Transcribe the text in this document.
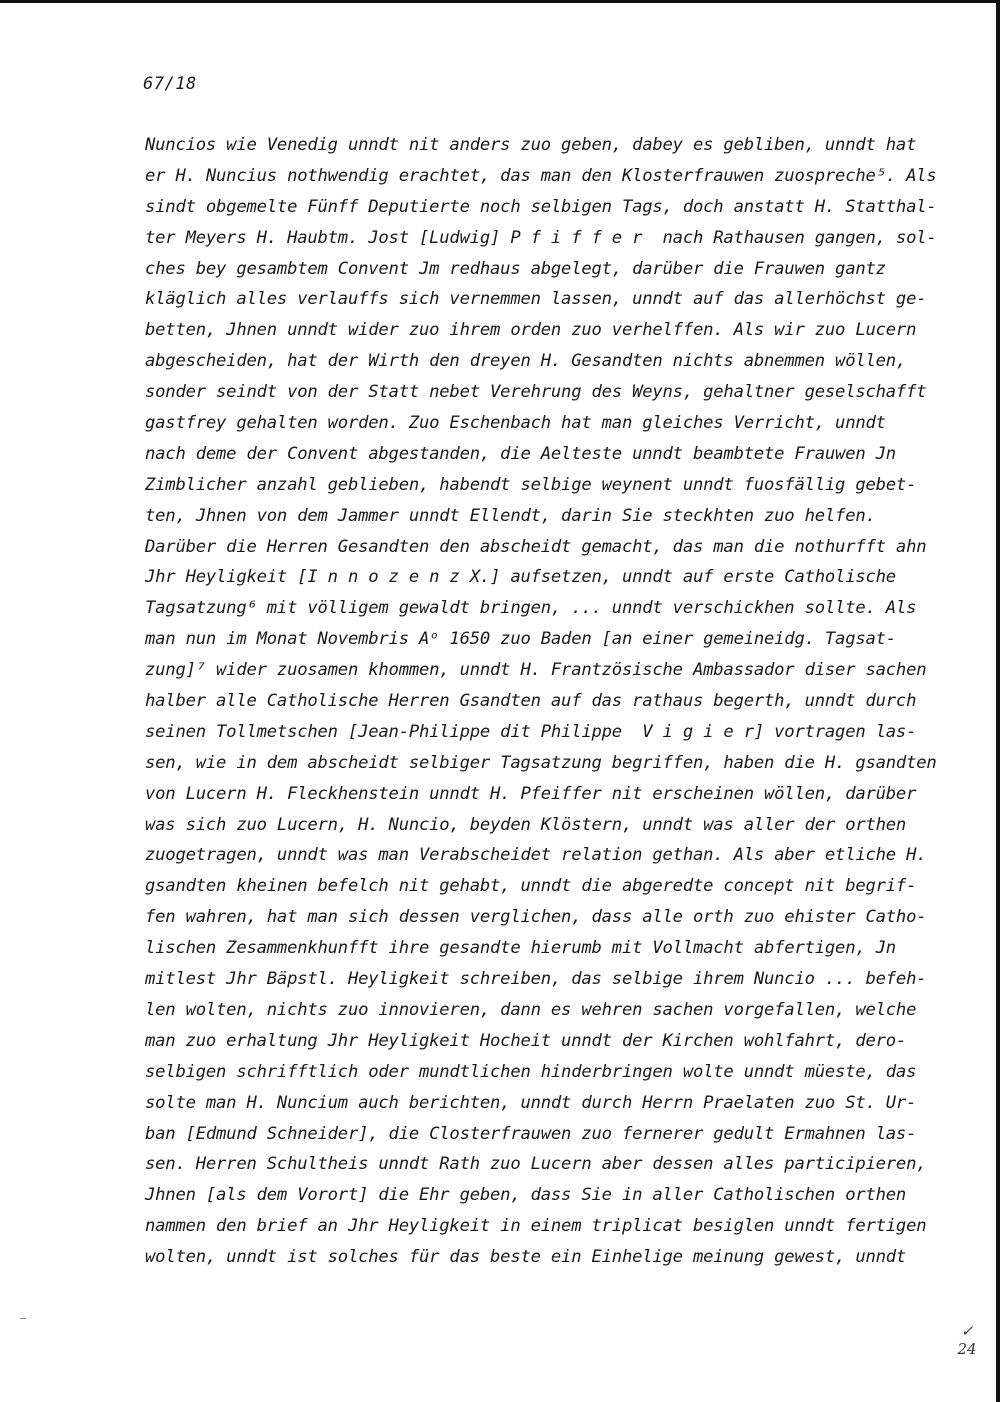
67/18
Nuncios wie Venedig unndt nit anders zuo geben, dabey es gebliben, unndt hat
er H. Nuncius nothwendig erachtet, das man den Klosterfrauwen zuospreche⁵. Als
sindt obgemelte Fünff Deputierte noch selbigen Tags, doch anstatt H. Statthal-
ter Meyers H. Haubtm. Jost [Ludwig] P f i f f e r  nach Rathausen gangen, sol-
ches bey gesambtem Convent Jm redhaus abgelegt, darüber die Frauwen gantz
kläglich alles verlauffs sich vernemmen lassen, unndt auf das allerhöchst ge-
betten, Jhnen unndt wider zuo ihrem orden zuo verhelffen. Als wir zuo Lucern
abgescheiden, hat der Wirth den dreyen H. Gesandten nichts abnemmen wöllen,
sonder seindt von der Statt nebet Verehrung des Weyns, gehaltner geselschafft
gastfrey gehalten worden. Zuo Eschenbach hat man gleiches Verricht, unndt
nach deme der Convent abgestanden, die Aelteste unndt beambtete Frauwen Jn
Zimblicher anzahl geblieben, habendt selbige weynent unndt fuosfällig gebet-
ten, Jhnen von dem Jammer unndt Ellendt, darin Sie steckhten zuo helfen.
Darüber die Herren Gesandten den abscheidt gemacht, das man die nothurfft ahn
Jhr Heyligkeit [I n n o z e n z X.] aufsetzen, unndt auf erste Catholische
Tagsatzung⁶ mit völligem gewaldt bringen, ... unndt verschickhen sollte. Als
man nun im Monat Novembris Aᵒ 1650 zuo Baden [an einer gemeineidg. Tagsat-
zung]⁷ wider zuosamen khommen, unndt H. Frantzösische Ambassador diser sachen
halber alle Catholische Herren Gsandten auf das rathaus begerth, unndt durch
seinen Tollmetschen [Jean-Philippe dit Philippe  V i g i e r] vortragen las-
sen, wie in dem abscheidt selbiger Tagsatzung begriffen, haben die H. gsandten
von Lucern H. Fleckhenstein unndt H. Pfeiffer nit erscheinen wöllen, darüber
was sich zuo Lucern, H. Nuncio, beyden Klöstern, unndt was aller der orthen
zuogetragen, unndt was man Verabscheidet relation gethan. Als aber etliche H.
gsandten kheinen befelch nit gehabt, unndt die abgeredte concept nit begrif-
fen wahren, hat man sich dessen verglichen, dass alle orth zuo ehister Catho-
lischen Zesammenkhunfft ihre gesandte hierumb mit Vollmacht abfertigen, Jn
mitlest Jhr Bäpstl. Heyligkeit schreiben, das selbige ihrem Nuncio ... befeh-
len wolten, nichts zuo innovieren, dann es wehren sachen vorgefallen, welche
man zuo erhaltung Jhr Heyligkeit Hocheit unndt der Kirchen wohlfahrt, dero-
selbigen schrifftlich oder mundtlichen hinderbringen wolte unndt müeste, das
solte man H. Nuncium auch berichten, unndt durch Herrn Praelaten zuo St. Ur-
ban [Edmund Schneider], die Closterfrauwen zuo fernerer gedult Ermahnen las-
sen. Herren Schultheis unndt Rath zuo Lucern aber dessen alles participieren,
Jhnen [als dem Vorort] die Ehr geben, dass Sie in aller Catholischen orthen
nammen den brief an Jhr Heyligkeit in einem triplicat besiglen unndt fertigen
wolten, unndt ist solches für das beste ein Einhelige meinung gewest, unndt
✓
24
